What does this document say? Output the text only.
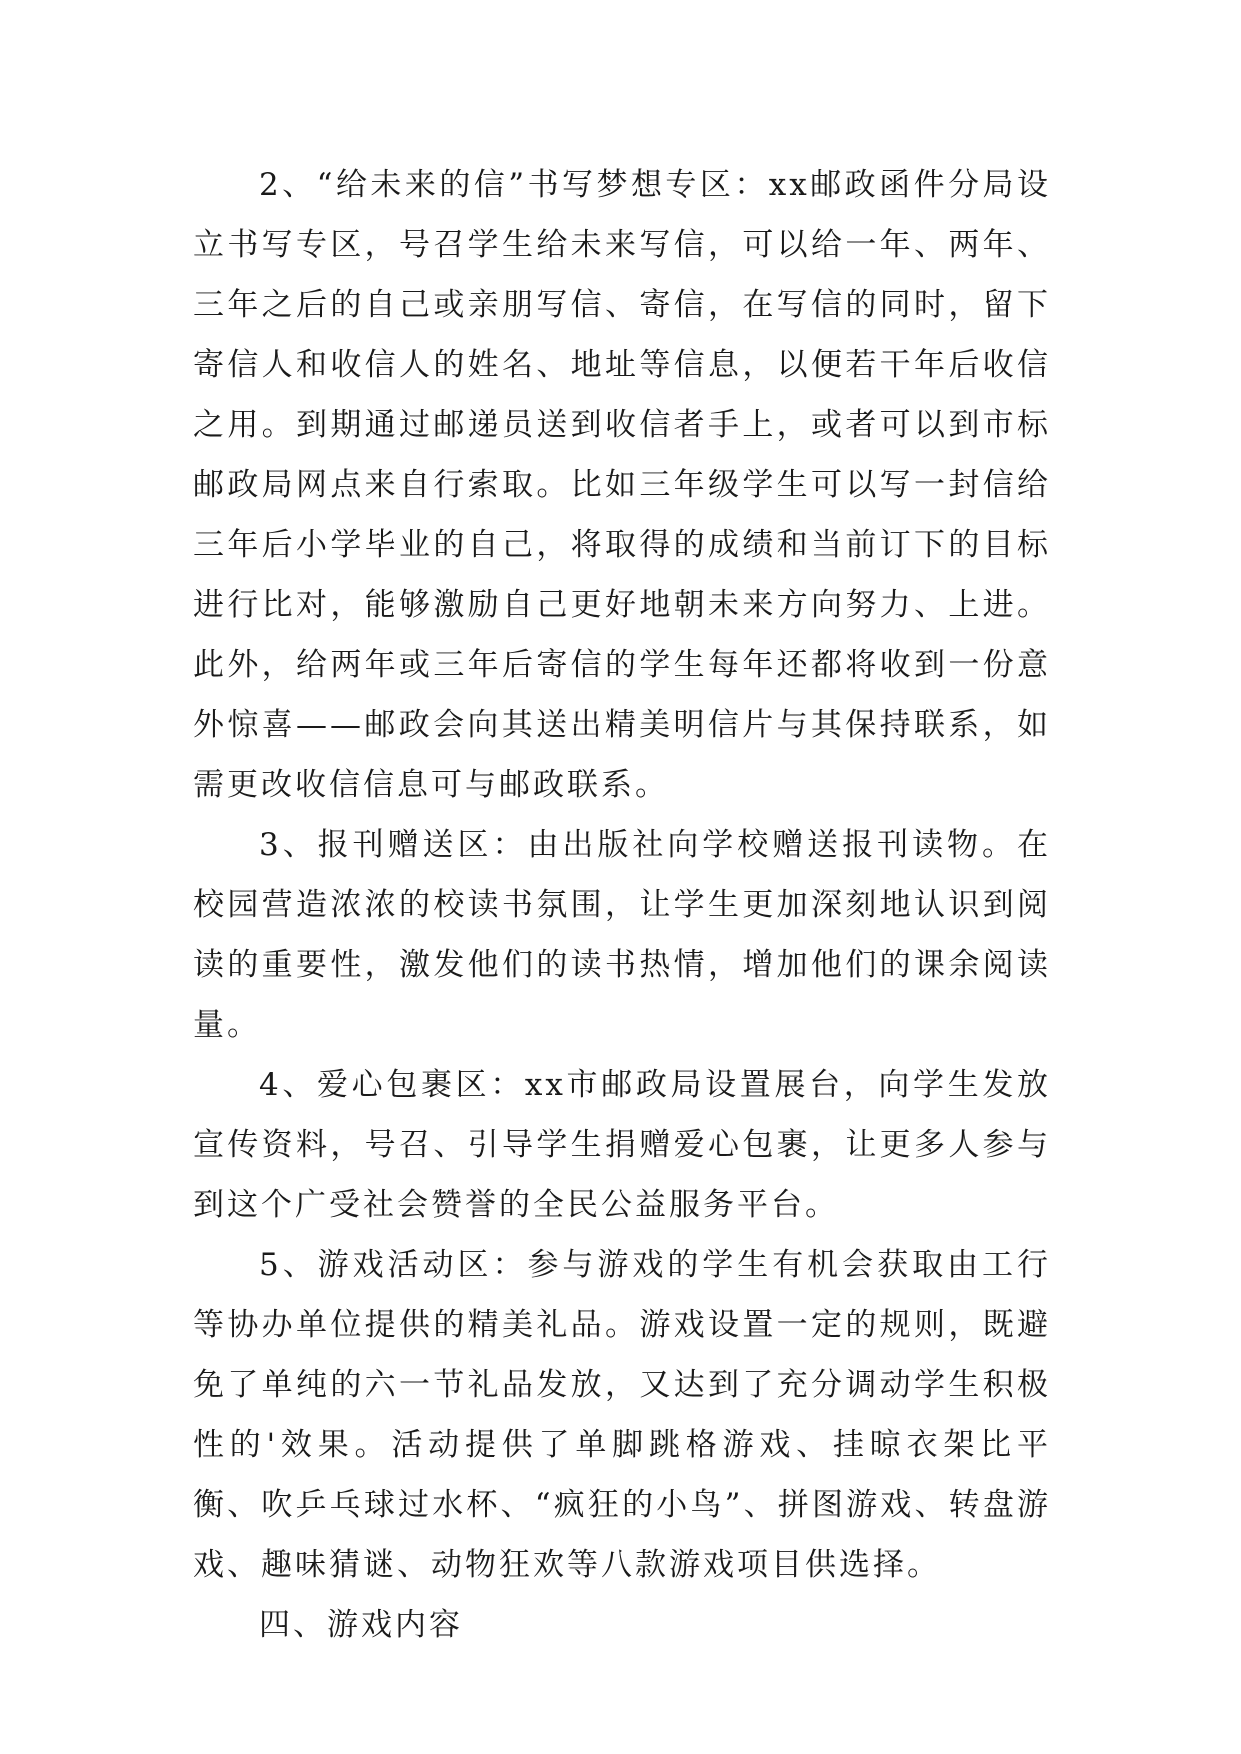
2、“给未来的信”书写梦想专区：xx邮政函件分局设立书写专区，号召学生给未来写信，可以给一年、两年、三年之后的自己或亲朋写信、寄信，在写信的同时，留下寄信人和收信人的姓名、地址等信息，以便若干年后收信之用。到期通过邮递员送到收信者手上，或者可以到市标邮政局网点来自行索取。比如三年级学生可以写一封信给三年后小学毕业的自己，将取得的成绩和当前订下的目标进行比对，能够激励自己更好地朝未来方向努力、上进。此外，给两年或三年后寄信的学生每年还都将收到一份意外惊喜——邮政会向其送出精美明信片与其保持联系，如需更改收信信息可与邮政联系。

3、报刊赠送区：由出版社向学校赠送报刊读物。在校园营造浓浓的校读书氛围，让学生更加深刻地认识到阅读的重要性，激发他们的读书热情，增加他们的课余阅读量。

4、爱心包裹区：xx市邮政局设置展台，向学生发放宣传资料，号召、引导学生捐赠爱心包裹，让更多人参与到这个广受社会赞誉的全民公益服务平台。

5、游戏活动区：参与游戏的学生有机会获取由工行等协办单位提供的精美礼品。游戏设置一定的规则，既避免了单纯的六一节礼品发放，又达到了充分调动学生积极性的'效果。活动提供了单脚跳格游戏、挂晾衣架比平衡、吹乒乓球过水杯、“疯狂的小鸟”、拼图游戏、转盘游戏、趣味猜谜、动物狂欢等八款游戏项目供选择。

四、游戏内容
